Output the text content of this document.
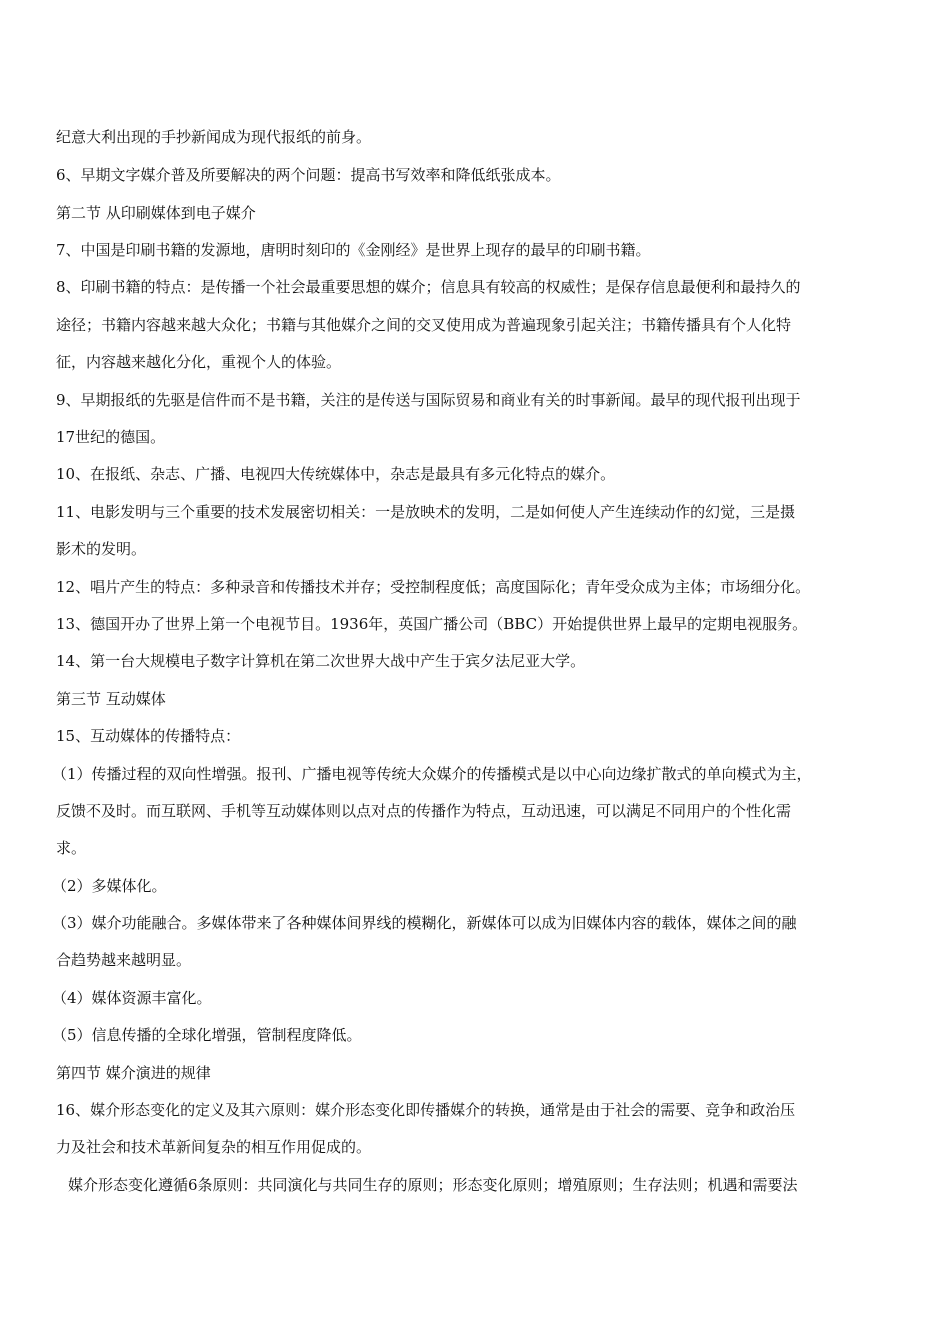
纪意大利出现的手抄新闻成为现代报纸的前身。
6、早期文字媒介普及所要解决的两个问题：提高书写效率和降低纸张成本。
第二节 从印刷媒体到电子媒介
7、中国是印刷书籍的发源地，唐明时刻印的《金刚经》是世界上现存的最早的印刷书籍。
8、印刷书籍的特点：是传播一个社会最重要思想的媒介；信息具有较高的权威性；是保存信息最便利和最持久的
途径；书籍内容越来越大众化；书籍与其他媒介之间的交叉使用成为普遍现象引起关注；书籍传播具有个人化特
征，内容越来越化分化，重视个人的体验。
9、早期报纸的先驱是信件而不是书籍，关注的是传送与国际贸易和商业有关的时事新闻。最早的现代报刊出现于
17世纪的德国。
10、在报纸、杂志、广播、电视四大传统媒体中，杂志是最具有多元化特点的媒介。
11、电影发明与三个重要的技术发展密切相关：一是放映术的发明，二是如何使人产生连续动作的幻觉，三是摄
影术的发明。
12、唱片产生的特点：多种录音和传播技术并存；受控制程度低；高度国际化；青年受众成为主体；市场细分化。
13、德国开办了世界上第一个电视节目。1936年，英国广播公司（BBC）开始提供世界上最早的定期电视服务。
14、第一台大规模电子数字计算机在第二次世界大战中产生于宾夕法尼亚大学。
第三节 互动媒体
15、互动媒体的传播特点：
（1）传播过程的双向性增强。报刊、广播电视等传统大众媒介的传播模式是以中心向边缘扩散式的单向模式为主，
反馈不及时。而互联网、手机等互动媒体则以点对点的传播作为特点，互动迅速，可以满足不同用户的个性化需
求。
（2）多媒体化。
（3）媒介功能融合。多媒体带来了各种媒体间界线的模糊化，新媒体可以成为旧媒体内容的载体，媒体之间的融
合趋势越来越明显。
（4）媒体资源丰富化。
（5）信息传播的全球化增强，管制程度降低。
第四节 媒介演进的规律
16、媒介形态变化的定义及其六原则：媒介形态变化即传播媒介的转换，通常是由于社会的需要、竞争和政治压
力及社会和技术革新间复杂的相互作用促成的。
媒介形态变化遵循6条原则：共同演化与共同生存的原则；形态变化原则；增殖原则；生存法则；机遇和需要法
